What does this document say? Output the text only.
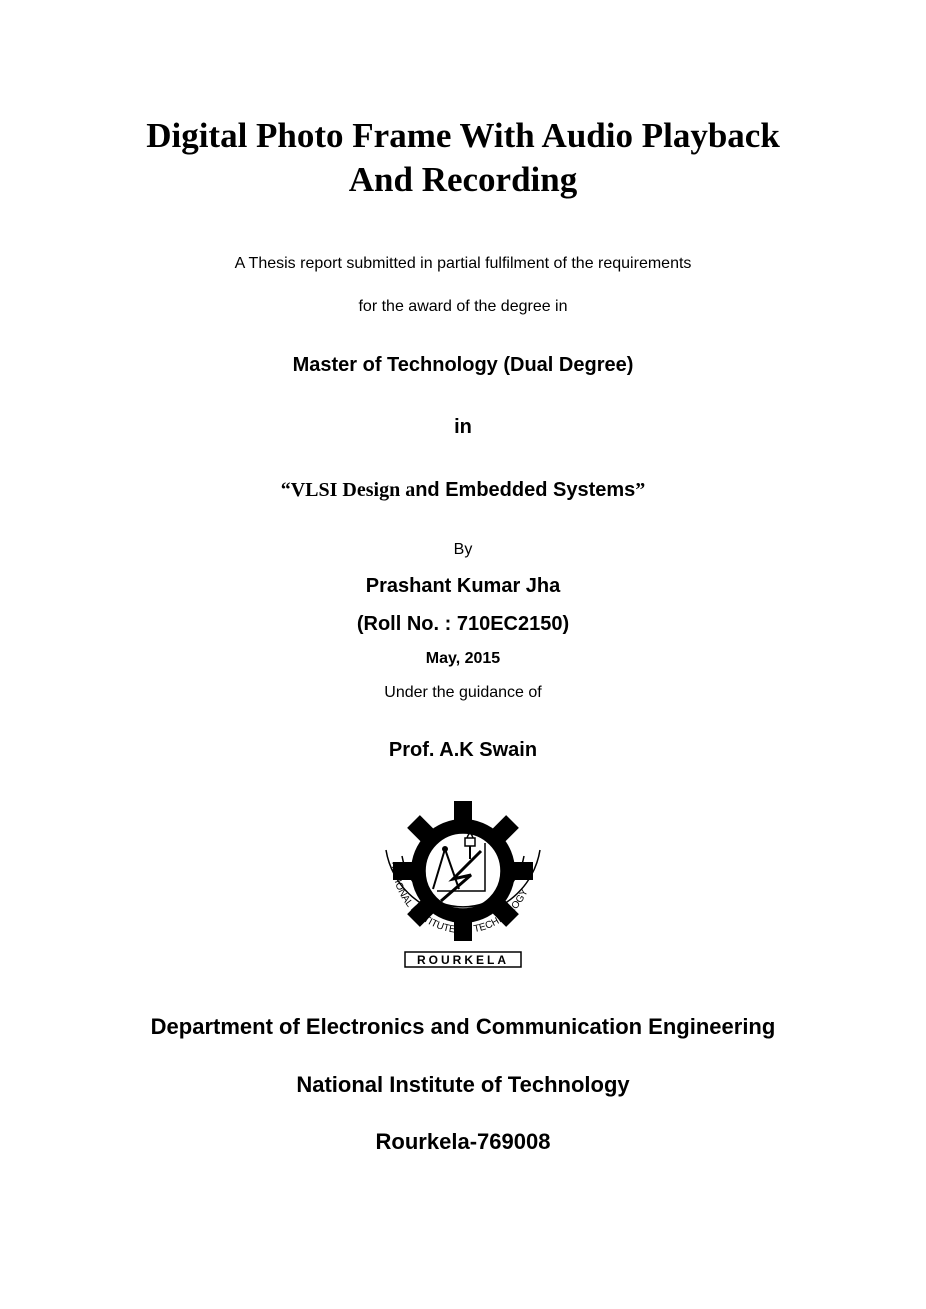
Digital Photo Frame With Audio Playback
And Recording
A Thesis report submitted in partial fulfilment of the requirements
for the award of the degree in
Master of Technology (Dual Degree)
in
“VLSI Design and Embedded Systems”
By
Prashant Kumar Jha
(Roll No. : 710EC2150)
May, 2015
Under the guidance of
Prof. A.K Swain
NATIONAL INSTITUTE OF TECHNOLOGY
ROURKELA
Department of Electronics and Communication Engineering
National Institute of Technology
Rourkela-769008
